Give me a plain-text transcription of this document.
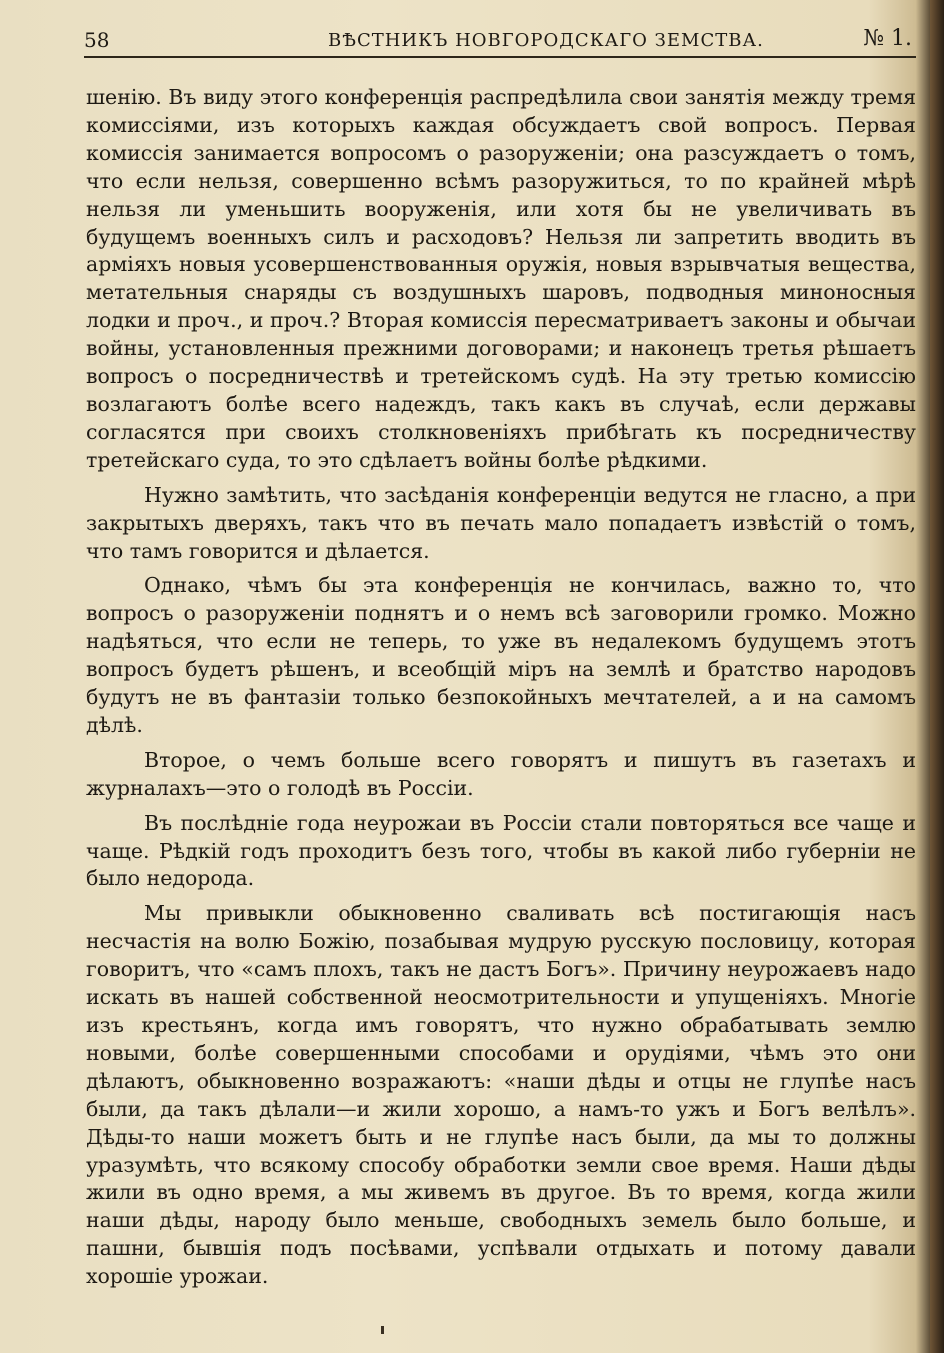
58	ВѢСТНИКЪ НОВГОРОДСКАГО ЗЕМСТВА.	№ 1.

шенію. Въ виду этого конференція распредѣлила свои занятія между тремя комиссіями, изъ которыхъ каждая обсуждаетъ свой вопросъ. Первая комиссія занимается вопросомъ о разоруженіи; она разсуждаетъ о томъ, что если нельзя, совершенно всѣмъ разоружиться, то по крайней мѣрѣ нельзя ли уменьшить вооруженія, или хотя бы не увеличивать въ будущемъ военныхъ силъ и расходовъ? Нельзя ли запретить вводить въ арміяхъ новыя усовершенствованныя оружія, новыя взрывчатыя вещества, метательныя снаряды съ воздушныхъ шаровъ, подводныя миноносныя лодки и проч., и проч.? Вторая комиссія пересматриваетъ законы и обычаи войны, установленныя прежними договорами; и наконецъ третья рѣшаетъ вопросъ о посредничествѣ и третейскомъ судѣ. На эту третью комиссію возлагаютъ болѣе всего надеждъ, такъ какъ въ случаѣ, если державы согласятся при своихъ столкновеніяхъ прибѣгать къ посредничеству третейскаго суда, то это сдѣлаетъ войны болѣе рѣдкими.

Нужно замѣтить, что засѣданія конференціи ведутся не гласно, а при закрытыхъ дверяхъ, такъ что въ печать мало попадаетъ извѣстій о томъ, что тамъ говорится и дѣлается.

Однако, чѣмъ бы эта конференція не кончилась, важно то, что вопросъ о разоруженіи поднятъ и о немъ всѣ заговорили громко. Можно надѣяться, что если не теперь, то уже въ недалекомъ будущемъ этотъ вопросъ будетъ рѣшенъ, и всеобщій міръ на землѣ и братство народовъ будутъ не въ фантазіи только безпокойныхъ мечтателей, а и на самомъ дѣлѣ.

Второе, о чемъ больше всего говорятъ и пишутъ въ газетахъ и журналахъ—это о голодѣ въ Россіи.

Въ послѣдніе года неурожаи въ Россіи стали повторяться все чаще и чаще. Рѣдкій годъ проходитъ безъ того, чтобы въ какой либо губерніи не было недорода.

Мы привыкли обыкновенно сваливать всѣ постигающія насъ несчастія на волю Божію, позабывая мудрую русскую пословицу, которая говоритъ, что «самъ плохъ, такъ не дастъ Богъ». Причину неурожаевъ надо искать въ нашей собственной неосмотрительности и упущеніяхъ. Многіе изъ крестьянъ, когда имъ говорятъ, что нужно обрабатывать землю новыми, болѣе совершенными способами и орудіями, чѣмъ это они дѣлаютъ, обыкновенно возражаютъ: «наши дѣды и отцы не глупѣе насъ были, да такъ дѣлали—и жили хорошо, а намъ-то ужъ и Богъ велѣлъ». Дѣды-то наши можетъ быть и не глупѣе насъ были, да мы то должны уразумѣть, что всякому способу обработки земли свое время. Наши дѣды жили въ одно время, а мы живемъ въ другое. Въ то время, когда жили наши дѣды, народу было меньше, свободныхъ земель было больше, и пашни, бывшія подъ посѣвами, успѣвали отдыхать и потому давали хорошіе урожаи.
